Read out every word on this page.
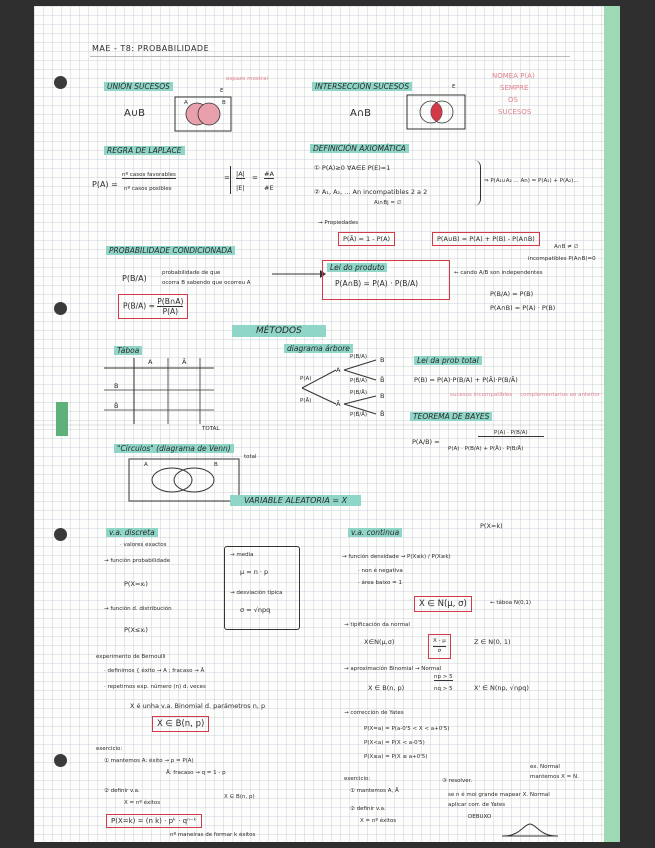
MAE - T8: PROBABILIDADE
UNIÓN SUCESOS
A∪B
espazo mostral
A	B
E	INTERSECCIÓN SUCESOS
A∩B
E
NOMEA P(A)
SEMPRE
OS
SUCESOS
REGRA DE LAPLACE
P(A) =
nº casos favorables
nº casos posibles
= |A|
|E|
= #A
#E
DEFINICIÓN AXIOMÁTICA
① P(A)≥0 ∀A∈E P(E)=1
② A₁, A₂, ... An incompatibles 2 a 2
Ai∩Bj = ∅
⇒ P(A₁∪A₂ ... An) = P(A₁) + P(A₂)...
→ Propiedades
P(Ā) = 1 - P(A)	P(A∪B) = P(A) + P(B) - P(A∩B)
PROBABILIDADE CONDICIONADA
P(B/A)
probabilidade de que
ocorra B sabendo que ocorreu A
$P(B/A) = \frac{P(B\cap A)}{P(A)}$
Lei do produto
P(A∩B) = P(A) · P(B/A)
← cando A/B son independentes
A∩B ≠ ∅
incompatibles P(A∩B)=0
P(B/A) = P(B)
P(A∩B) = P(A) · P(B)
MÉTODOS
Táboa
A	Ā
B
B̄
TOTAL
diagrama árbore
P(A)
P(Ā)
A
Ā
P(B/A)
P(B̄/A)
P(B/Ā)
P(B̄/Ā)
B
B̄
B
B̄
Lei da prob total
P(B) = P(A)·P(B/A) + P(Ā)·P(B/Ā)
sucesos incompatibles complementarios ao anterior
TEOREMA DE BAYES
P(A/B) =
P(A) · P(B/A)
P(A) · P(B/A) + P(Ā) · P(B/Ā)
"Círculos" (diagrama de Venn)
A	B
total
VARIABLE ALEATORIA = X
v.a. discreta
· valores exactos
→ función probabilidade
P(X=xᵢ)
→ función d. distribución
P(X≤xᵢ)
→ media
μ = n · p
→ desviación típica
σ = √npq
experimento de Bernoulli
· definimos { éxito → A ; fracaso → Ā
· repetimos exp. número (n) d. veces
X é unha v.a. Binomial d. parámetros n, p
X ∈ B(n, p)
exercicio:
① mantemos A: éxito → p = P(A)
Ā: fracaso → q = 1 - p
② definir v.a.
X = nº éxitos
X ∈ B(n, p)
P(X=k) = (n k) · pᵏ · qⁿ⁻ᵏ
nº maneiras de formar k éxitos
v.a. continua
P(X=k)
→ función densidade → P(X≤k) / P(X≥k)
· non é negativa
· área baixo = 1
X ∈ N(μ, σ)	← táboa N(0,1)
→ tipificación da normal
X∈N(μ,σ)	$\frac{X - \mu}{\sigma}$	Z ∈ N(0, 1)
→ aproximación Binomial → Normal
X ∈ B(n, p)
np > 5
nq > 5	X' ∈ N(np, √npq)
→ corrección de Yates
P(X=a) = P(a-0'5 < X < a+0'5)
P(X<a) = P(X < a-0'5)
P(X≤a) = P(X ≤ a+0'5)
exercicio:
① mantemos A, Ā
② definir v.a.
X = nº éxitos
③ resolver.
se n é moi grande mapear X. Normal
aplicar corr. de Yates
DEBUXO
ex. Normal
mantemos X = N.
